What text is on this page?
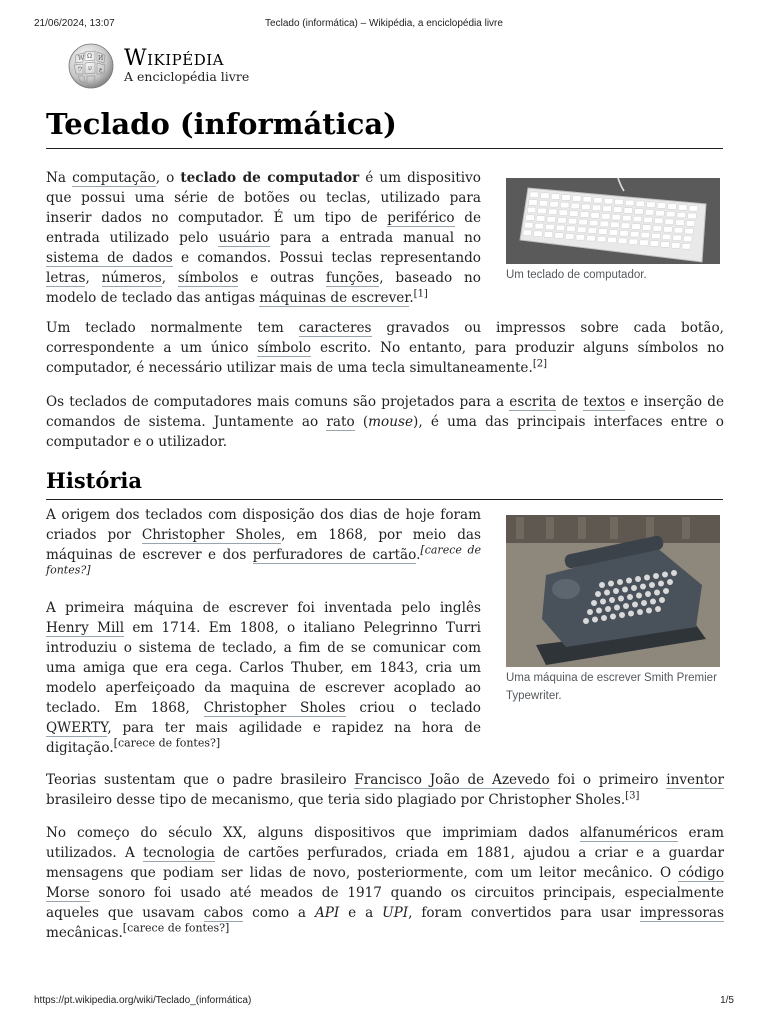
21/06/2024, 13:07	Teclado (informática) – Wikipédia, a enciclopédia livre
W Ω И
ウ ש ع Wikipédia
A enciclopédia livre
Teclado (informática)

Na computação, o teclado de computador é um dispositivo que possui uma série de botões ou teclas, utilizado para inserir dados no computador. É um tipo de periférico de entrada utilizado pelo usuário para a entrada manual no sistema de dados e comandos. Possui teclas representando letras, números, símbolos e outras funções, baseado no modelo de teclado das antigas máquinas de escrever.[1]

Um teclado de computador.

Um teclado normalmente tem caracteres gravados ou impressos sobre cada botão, correspondente a um único símbolo escrito. No entanto, para produzir alguns símbolos no computador, é necessário utilizar mais de uma tecla simultaneamente.[2]

Os teclados de computadores mais comuns são projetados para a escrita de textos e inserção de comandos de sistema. Juntamente ao rato (mouse), é uma das principais interfaces entre o computador e o utilizador.

História

A origem dos teclados com disposição dos dias de hoje foram criados por Christopher Sholes, em 1868, por meio das máquinas de escrever e dos perfuradores de cartão.[carece de fontes?]

Uma máquina de escrever Smith Premier Typewriter.

A primeira máquina de escrever foi inventada pelo inglês Henry Mill em 1714. Em 1808, o italiano Pelegrinno Turri introduziu o sistema de teclado, a fim de se comunicar com uma amiga que era cega. Carlos Thuber, em 1843, cria um modelo aperfeiçoado da maquina de escrever acoplado ao teclado. Em 1868, Christopher Sholes criou o teclado QWERTY, para ter mais agilidade e rapidez na hora de digitação.[carece de fontes?]

Teorias sustentam que o padre brasileiro Francisco João de Azevedo foi o primeiro inventor brasileiro desse tipo de mecanismo, que teria sido plagiado por Christopher Sholes.[3]

No começo do século XX, alguns dispositivos que imprimiam dados alfanuméricos eram utilizados. A tecnologia de cartões perfurados, criada em 1881, ajudou a criar e a guardar mensagens que podiam ser lidas de novo, posteriormente, com um leitor mecânico. O código Morse sonoro foi usado até meados de 1917 quando os circuitos principais, especialmente aqueles que usavam cabos como a API e a UPI, foram convertidos para usar impressoras mecânicas.[carece de fontes?]

https://pt.wikipedia.org/wiki/Teclado_(informática)	1/5
